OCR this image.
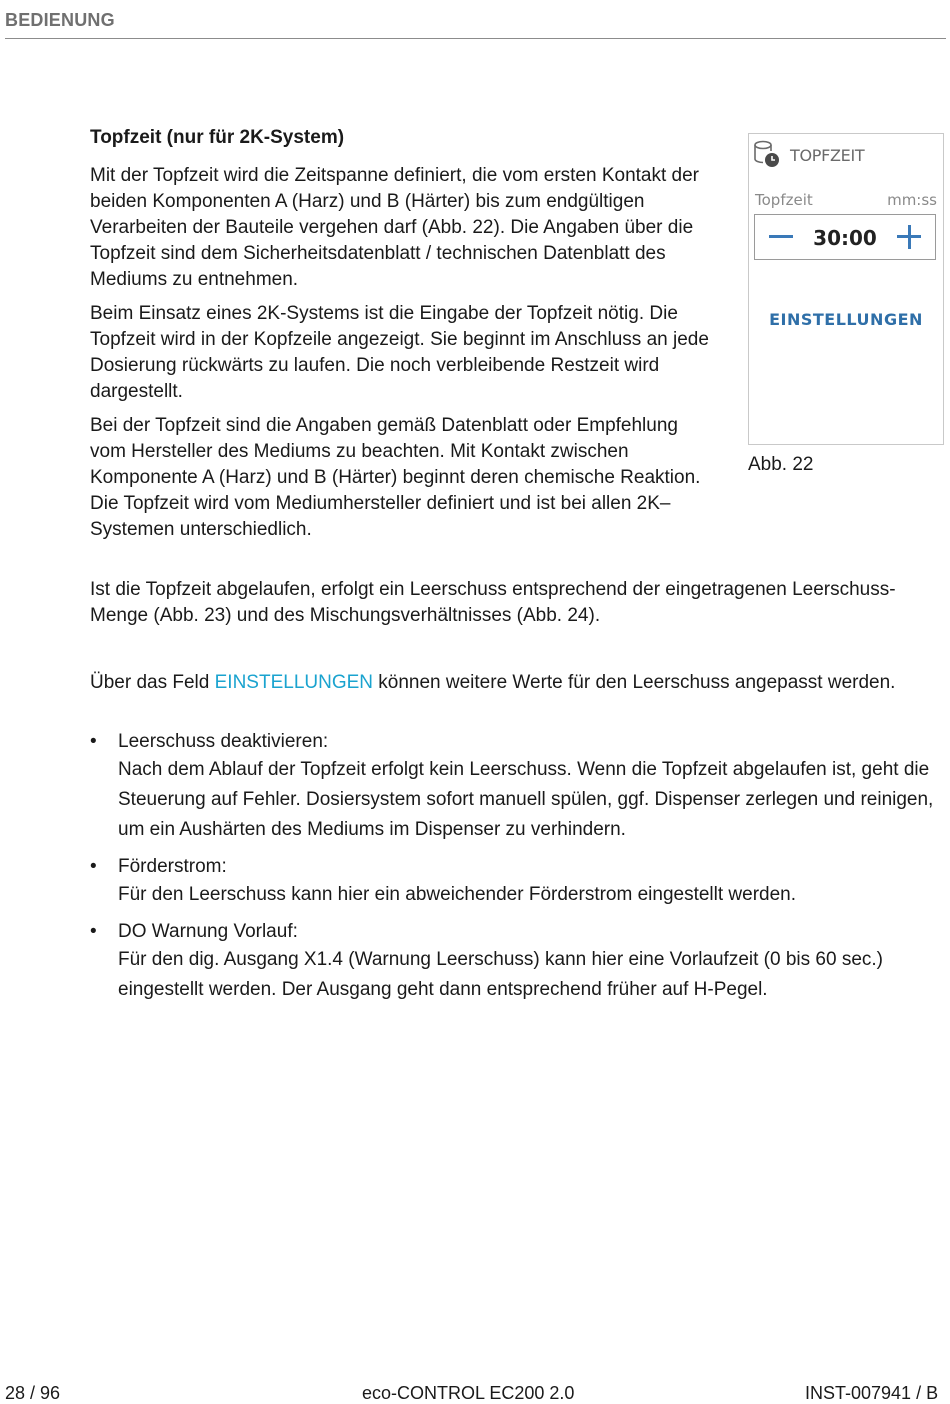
BEDIENUNG
Topfzeit (nur für 2K-System)

Mit der Topfzeit wird die Zeitspanne definiert, die vom ersten Kontakt der beiden Komponenten A (Harz) und B (Härter) bis zum endgültigen Verarbeiten der Bauteile vergehen darf (Abb. 22). Die Angaben über die Topfzeit sind dem Sicherheitsdatenblatt / technischen Datenblatt des Mediums zu entnehmen.

Beim Einsatz eines 2K-Systems ist die Eingabe der Topfzeit nötig. Die Topfzeit wird in der Kopfzeile angezeigt. Sie beginnt im Anschluss an jede Dosierung rückwärts zu laufen. Die noch verbleibende Restzeit wird dargestellt.

Bei der Topfzeit sind die Angaben gemäß Datenblatt oder Empfehlung vom Hersteller des Mediums zu beachten. Mit Kontakt zwischen Komponente A (Harz) und B (Härter) beginnt deren chemische Reaktion. Die Topfzeit wird vom Mediumhersteller definiert und ist bei allen 2K–Systemen unterschiedlich.

Ist die Topfzeit abgelaufen, erfolgt ein Leerschuss entsprechend der eingetragenen Leerschuss-Menge (Abb. 23) und des Mischungsverhältnisses (Abb. 24).

Über das Feld EINSTELLUNGEN können weitere Werte für den Leerschuss angepasst werden.

• Leerschuss deaktivieren:
Nach dem Ablauf der Topfzeit erfolgt kein Leerschuss. Wenn die Topfzeit abgelaufen ist, geht die Steuerung auf Fehler. Dosiersystem sofort manuell spülen, ggf. Dispenser zerlegen und reinigen, um ein Aushärten des Mediums im Dispenser zu verhindern.
• Förderstrom:
Für den Leerschuss kann hier ein abweichender Förderstrom eingestellt werden.
• DO Warnung Vorlauf:
Für den dig. Ausgang X1.4 (Warnung Leerschuss) kann hier eine Vorlaufzeit (0 bis 60 sec.) eingestellt werden. Der Ausgang geht dann entsprechend früher auf H-Pegel.
TOPFZEIT
Topfzeit	mm:ss
30:00
EINSTELLUNGEN
Abb. 22
28 / 96	eco-CONTROL EC200 2.0	INST-007941 / B
